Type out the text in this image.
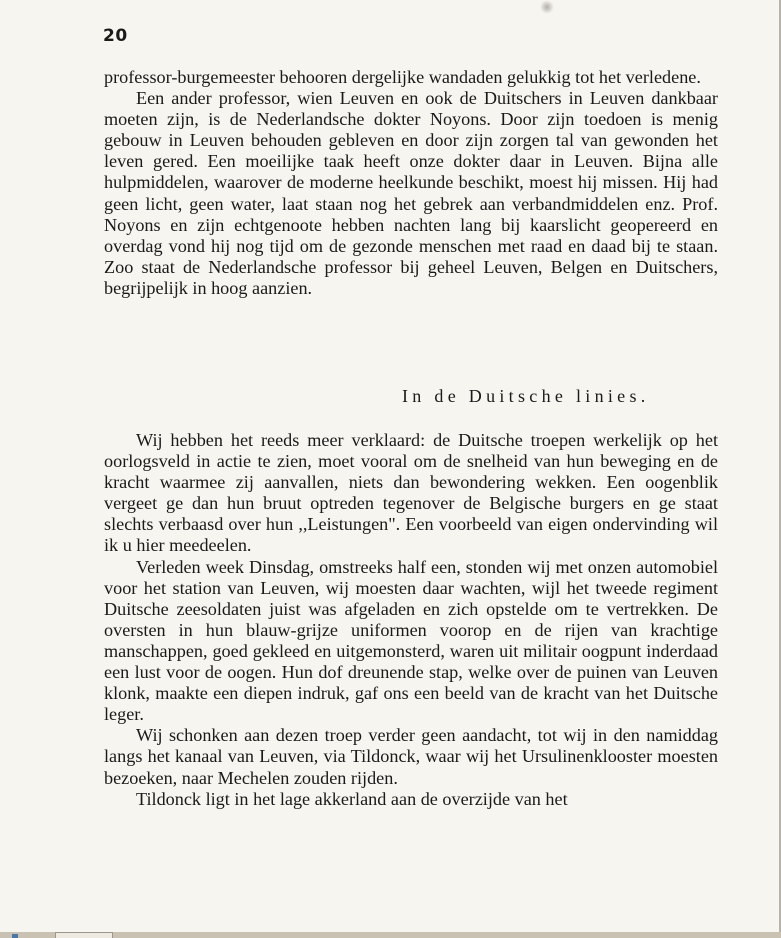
20

professor-burgemeester behooren dergelijke wandaden gelukkig tot het verledene.

Een ander professor, wien Leuven en ook de Duitschers in Leuven dankbaar moeten zijn, is de Nederlandsche dokter Noyons. Door zijn toedoen is menig gebouw in Leuven behouden gebleven en door zijn zorgen tal van gewonden het leven gered. Een moeilijke taak heeft onze dokter daar in Leuven. Bijna alle hulpmiddelen, waarover de moderne heelkunde beschikt, moest hij missen. Hij had geen licht, geen water, laat staan nog het gebrek aan verbandmiddelen enz. Prof. Noyons en zijn echtgenoote hebben nachten lang bij kaarslicht geopereerd en overdag vond hij nog tijd om de gezonde menschen met raad en daad bij te staan. Zoo staat de Nederlandsche professor bij geheel Leuven, Belgen en Duitschers, begrijpelijk in hoog aanzien.

In de Duitsche linies.

Wij hebben het reeds meer verklaard: de Duitsche troepen werkelijk op het oorlogsveld in actie te zien, moet vooral om de snelheid van hun beweging en de kracht waarmee zij aanvallen, niets dan bewondering wekken. Een oogenblik vergeet ge dan hun bruut optreden tegenover de Belgische burgers en ge staat slechts verbaasd over hun ,,Leistungen". Een voorbeeld van eigen ondervinding wil ik u hier meedeelen.

Verleden week Dinsdag, omstreeks half een, stonden wij met onzen automobiel voor het station van Leuven, wij moesten daar wachten, wijl het tweede regiment Duitsche zeesoldaten juist was afgeladen en zich opstelde om te vertrekken. De oversten in hun blauw-grijze uniformen voorop en de rijen van krachtige manschappen, goed gekleed en uitgemonsterd, waren uit militair oogpunt inderdaad een lust voor de oogen. Hun dof dreunende stap, welke over de puinen van Leuven klonk, maakte een diepen indruk, gaf ons een beeld van de kracht van het Duitsche leger.

Wij schonken aan dezen troep verder geen aandacht, tot wij in den namiddag langs het kanaal van Leuven, via Tildonck, waar wij het Ursulinenklooster moesten bezoeken, naar Mechelen zouden rijden.

Tildonck ligt in het lage akkerland aan de overzijde van het
